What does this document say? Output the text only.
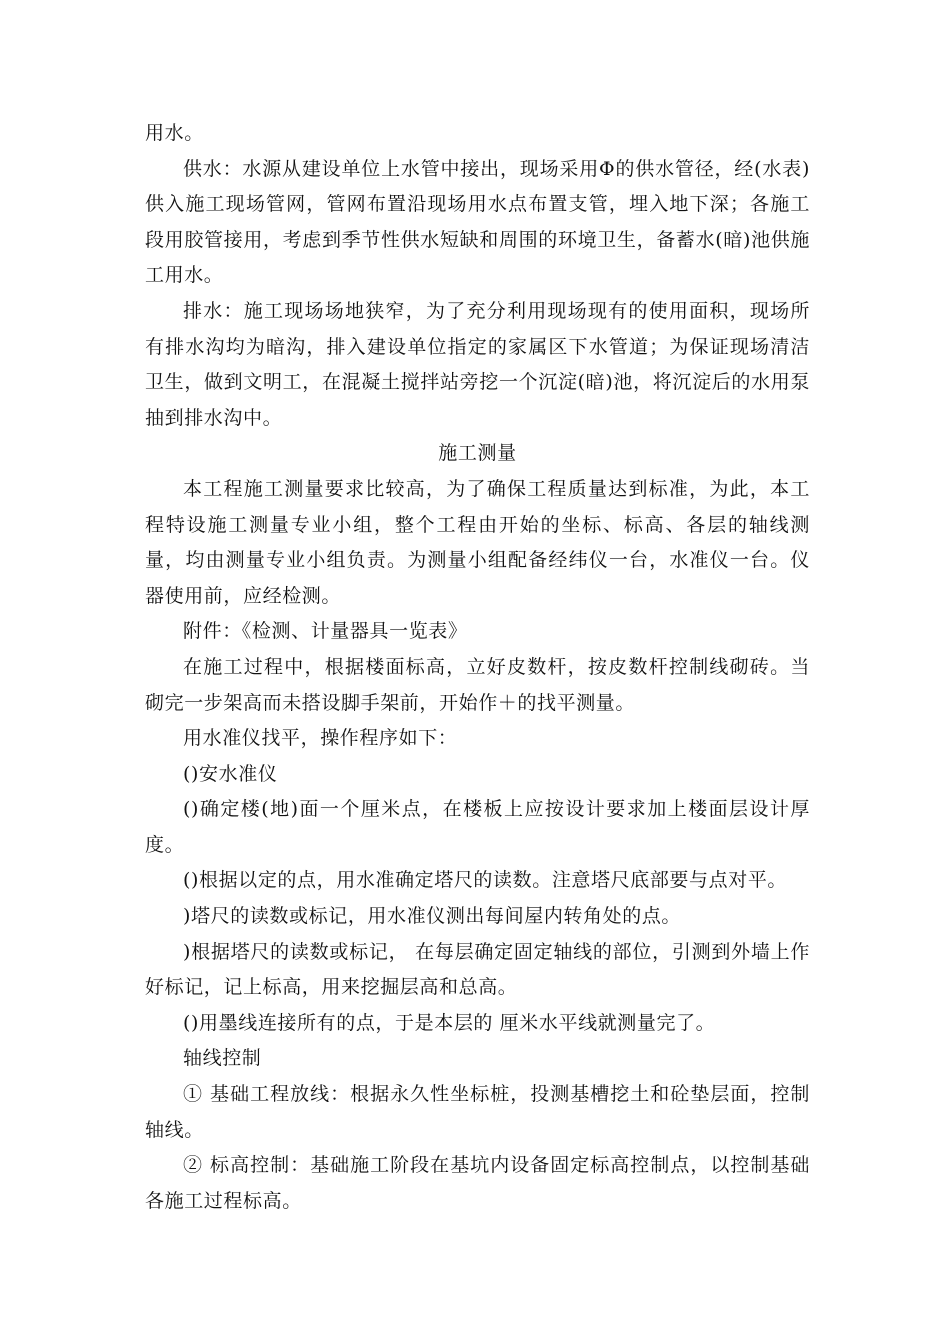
用水。

供水：水源从建设单位上水管中接出，现场采用Φ的供水管径，经(水表)供入施工现场管网，管网布置沿现场用水点布置支管，埋入地下深；各施工段用胶管接用，考虑到季节性供水短缺和周围的环境卫生，备蓄水(暗)池供施工用水。

排水：施工现场场地狭窄，为了充分利用现场现有的使用面积，现场所有排水沟均为暗沟，排入建设单位指定的家属区下水管道；为保证现场清洁卫生，做到文明工，在混凝土搅拌站旁挖一个沉淀(暗)池，将沉淀后的水用泵抽到排水沟中。

施工测量

本工程施工测量要求比较高，为了确保工程质量达到标准，为此，本工程特设施工测量专业小组，整个工程由开始的坐标、标高、各层的轴线测量，均由测量专业小组负责。为测量小组配备经纬仪一台，水准仪一台。仪器使用前，应经检测。

附件：《检测、计量器具一览表》

在施工过程中，根据楼面标高，立好皮数杆，按皮数杆控制线砌砖。当砌完一步架高而未搭设脚手架前，开始作＋的找平测量。

用水准仪找平，操作程序如下：

()安水准仪

()确定楼(地)面一个厘米点，在楼板上应按设计要求加上楼面层设计厚度。

()根据以定的点，用水准确定塔尺的读数。注意塔尺底部要与点对平。

)塔尺的读数或标记，用水准仪测出每间屋内转角处的点。

)根据塔尺的读数或标记， 在每层确定固定轴线的部位，引测到外墙上作好标记，记上标高，用来挖掘层高和总高。

()用墨线连接所有的点，于是本层的 厘米水平线就测量完了。

轴线控制

① 基础工程放线：根据永久性坐标桩，投测基槽挖土和砼垫层面，控制轴线。

② 标高控制：基础施工阶段在基坑内设备固定标高控制点，以控制基础各施工过程标高。
